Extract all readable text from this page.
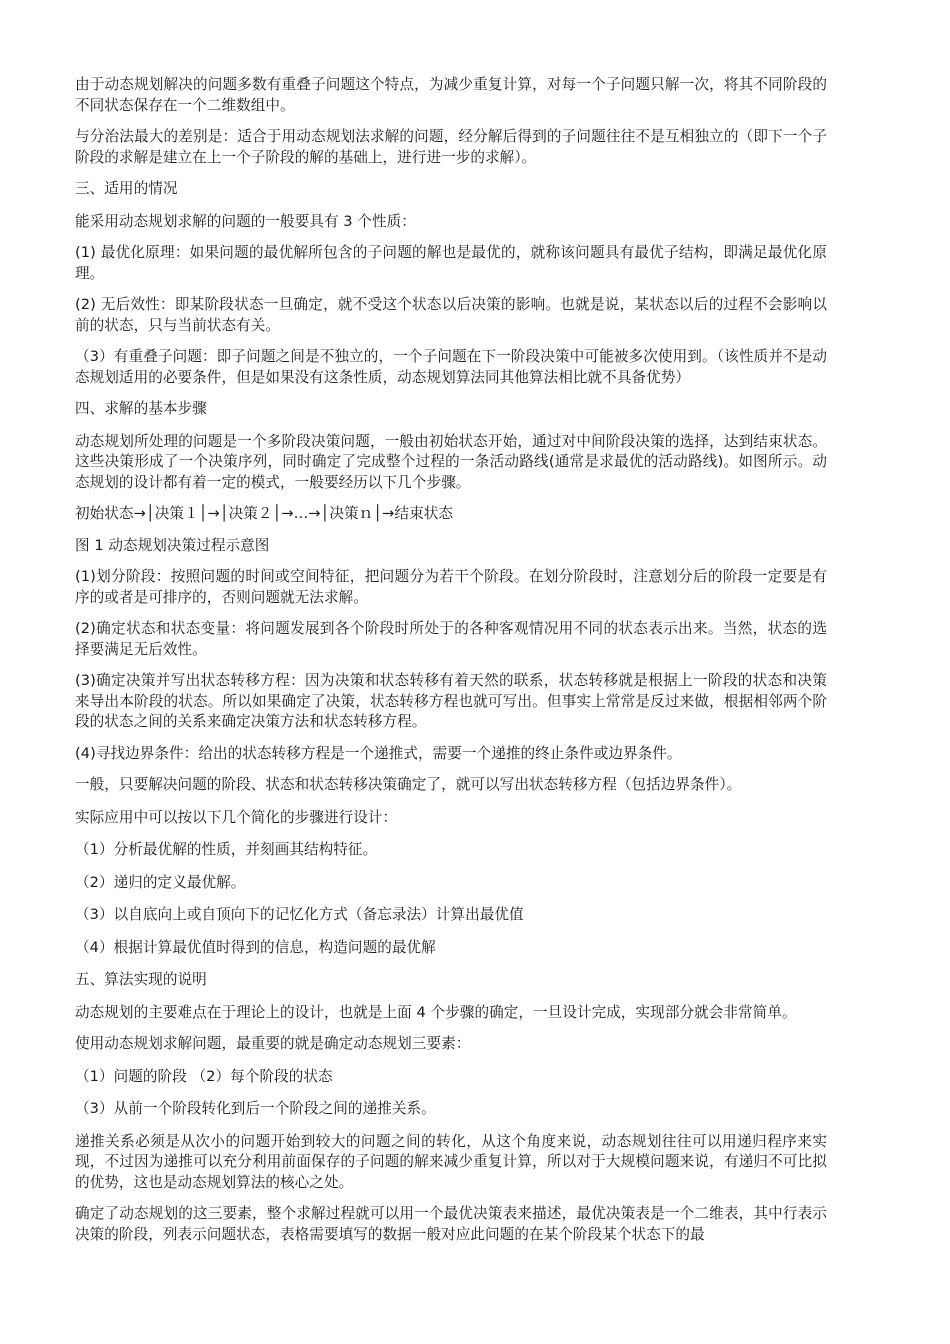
由于动态规划解决的问题多数有重叠子问题这个特点，为减少重复计算，对每一个子问题只解一次，将其不同阶段的不同状态保存在一个二维数组中。

与分治法最大的差别是：适合于用动态规划法求解的问题，经分解后得到的子问题往往不是互相独立的（即下一个子阶段的求解是建立在上一个子阶段的解的基础上，进行进一步的求解）。

三、适用的情况

能采用动态规划求解的问题的一般要具有 3 个性质：

(1) 最优化原理：如果问题的最优解所包含的子问题的解也是最优的，就称该问题具有最优子结构，即满足最优化原理。

(2) 无后效性：即某阶段状态一旦确定，就不受这个状态以后决策的影响。也就是说，某状态以后的过程不会影响以前的状态，只与当前状态有关。

（3）有重叠子问题：即子问题之间是不独立的，一个子问题在下一阶段决策中可能被多次使用到。（该性质并不是动态规划适用的必要条件，但是如果没有这条性质，动态规划算法同其他算法相比就不具备优势）

四、求解的基本步骤

动态规划所处理的问题是一个多阶段决策问题，一般由初始状态开始，通过对中间阶段决策的选择，达到结束状态。这些决策形成了一个决策序列，同时确定了完成整个过程的一条活动路线(通常是求最优的活动路线)。如图所示。动态规划的设计都有着一定的模式，一般要经历以下几个步骤。

初始状态→│决策１│→│决策２│→…→│决策ｎ│→结束状态

图 1 动态规划决策过程示意图

(1)划分阶段：按照问题的时间或空间特征，把问题分为若干个阶段。在划分阶段时，注意划分后的阶段一定要是有序的或者是可排序的，否则问题就无法求解。

(2)确定状态和状态变量：将问题发展到各个阶段时所处于的各种客观情况用不同的状态表示出来。当然，状态的选择要满足无后效性。

(3)确定决策并写出状态转移方程：因为决策和状态转移有着天然的联系，状态转移就是根据上一阶段的状态和决策来导出本阶段的状态。所以如果确定了决策，状态转移方程也就可写出。但事实上常常是反过来做，根据相邻两个阶段的状态之间的关系来确定决策方法和状态转移方程。

(4)寻找边界条件：给出的状态转移方程是一个递推式，需要一个递推的终止条件或边界条件。

一般，只要解决问题的阶段、状态和状态转移决策确定了，就可以写出状态转移方程（包括边界条件）。

实际应用中可以按以下几个简化的步骤进行设计：

（1）分析最优解的性质，并刻画其结构特征。

（2）递归的定义最优解。

（3）以自底向上或自顶向下的记忆化方式（备忘录法）计算出最优值

（4）根据计算最优值时得到的信息，构造问题的最优解

五、算法实现的说明

动态规划的主要难点在于理论上的设计，也就是上面 4 个步骤的确定，一旦设计完成，实现部分就会非常简单。

使用动态规划求解问题，最重要的就是确定动态规划三要素：

（1）问题的阶段 （2）每个阶段的状态

（3）从前一个阶段转化到后一个阶段之间的递推关系。

递推关系必须是从次小的问题开始到较大的问题之间的转化，从这个角度来说，动态规划往往可以用递归程序来实现，不过因为递推可以充分利用前面保存的子问题的解来减少重复计算，所以对于大规模问题来说，有递归不可比拟的优势，这也是动态规划算法的核心之处。

确定了动态规划的这三要素，整个求解过程就可以用一个最优决策表来描述，最优决策表是一个二维表，其中行表示决策的阶段，列表示问题状态，表格需要填写的数据一般对应此问题的在某个阶段某个状态下的最
